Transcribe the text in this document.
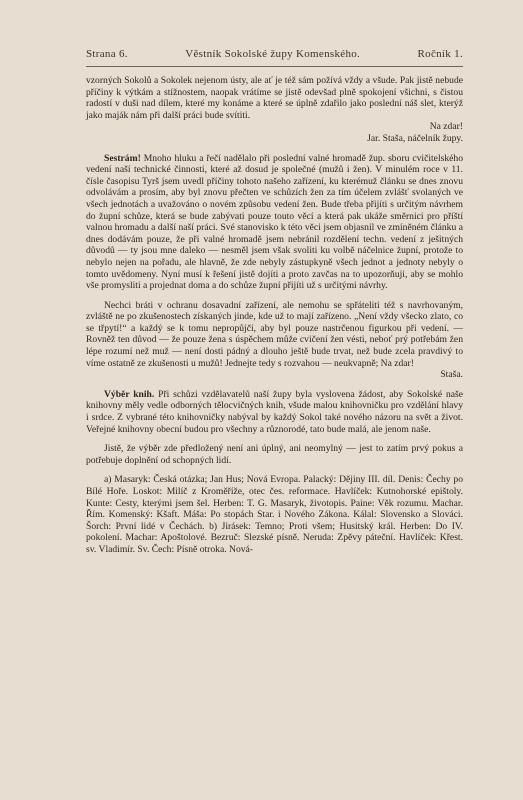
Strana 6.	Věstník Sokolské župy Komenského.	Ročník 1.

vzorných Sokolů a Sokolek nejenom ústy, ale ať je též sám požívá vždy a všude. Pak jistě nebude příčiny k výtkám a stížnostem, naopak vrátíme se jistě odevšad plně spokojení všichni, s čistou radostí v duši nad dílem, které my konáme a které se úplně zdařilo jako poslední náš slet, kterýž jako maják nám při další práci bude svítiti.

Na zdar!
Jar. Staša, náčelník župy.

Sestrám! Mnoho hluku a řečí nadělalo při poslední valné hromadě žup. sboru cvičitelského vedení naší technické činnosti, které až dosud je společné (mužů i žen). V minulém roce v 11. čísle časopisu Tyrš jsem uvedl příčiny tohoto našeho zařízení, ku kterémuž článku se dnes znovu odvolávám a prosím, aby byl znovu přečten ve schůzích žen za tím účelem zvlášť svolaných ve všech jednotách a uvažováno o novém způsobu vedení žen. Bude třeba přijíti s určitým návrhem do župní schůze, která se bude zabývati pouze touto věcí a která pak ukáže směrnici pro příští valnou hromadu a další naší práci. Své stanovisko k této věci jsem objasnil ve zmíněném článku a dnes dodávám pouze, že při valné hromadě jsem nebránil rozdělení techn. vedení z ješitných důvodů — ty jsou mne daleko — nesměl jsem však svoliti ku volbě náčelnice župní, protože to nebylo nejen na pořadu, ale hlavně, že zde nebyly zástupkyně všech jednot a jednoty nebyly o tomto uvědomeny. Nyní musí k řešení jistě dojíti a proto zavčas na to upozorňuji, aby se mohlo vše promysliti a projednat doma a do schůze župní přijíti už s určitými návrhy.

Nechci bráti v ochranu dosavadní zařízení, ale nemohu se spřáteliti též s navrhovaným, zvláště ne po zkušenostech získaných jinde, kde už to mají zařízeno. „Není vždy všecko zlato, co se třpytí!“ a každý se k tomu nepropůjčí, aby byl pouze nastrčenou figurkou při vedení. — Rovněž ten důvod — že pouze žena s úspěchem může cvičení žen vésti, neboť prý potřebám žen lépe rozumí než muž — není dosti pádný a dlouho ještě bude trvat, než bude zcela pravdivý to víme ostatně ze zkušenosti u mužů! Jednejte tedy s rozvahou — neukvapně; Na zdar!

Staša.

Výběr knih. Při schůzi vzdělavatelů naší župy byla vyslovena žádost, aby Sokolské naše knihovny měly vedle odborných tělocvičných knih, všude malou knihovničku pro vzdělání hlavy i srdce. Z vybrané této knihovničky nabýval by každý Sokol také nového názoru na svět a život. Veřejné knihovny obecní budou pro všechny a různorodé, tato bude malá, ale jenom naše.

Jistě, že výběr zde předložený není ani úplný, ani neomylný — jest to zatím prvý pokus a potřebuje doplnění od schopných lidí.

a) Masaryk: Česká otázka; Jan Hus; Nová Evropa. Palacký: Dějiny III. díl. Denis: Čechy po Bílé Hoře. Loskot: Milíč z Kroměříže, otec čes. reformace. Havlíček: Kutnohorské epištoly. Kunte: Cesty, kterými jsem šel. Herben: T. G. Masaryk, životopis. Paine: Věk rozumu. Machar. Řím. Komenský: Kšaft. Máša: Po stopách Star. i Nového Zákona. Kálal: Slovensko a Slováci. Šorch: První lidé v Čechách. b) Jirásek: Temno; Proti všem; Husitský král. Herben: Do IV. pokolení. Machar: Apoštolové. Bezruč: Slezské písně. Neruda: Zpěvy páteční. Havlíček: Křest. sv. Vladimír. Sv. Čech: Písně otroka. Nová-
